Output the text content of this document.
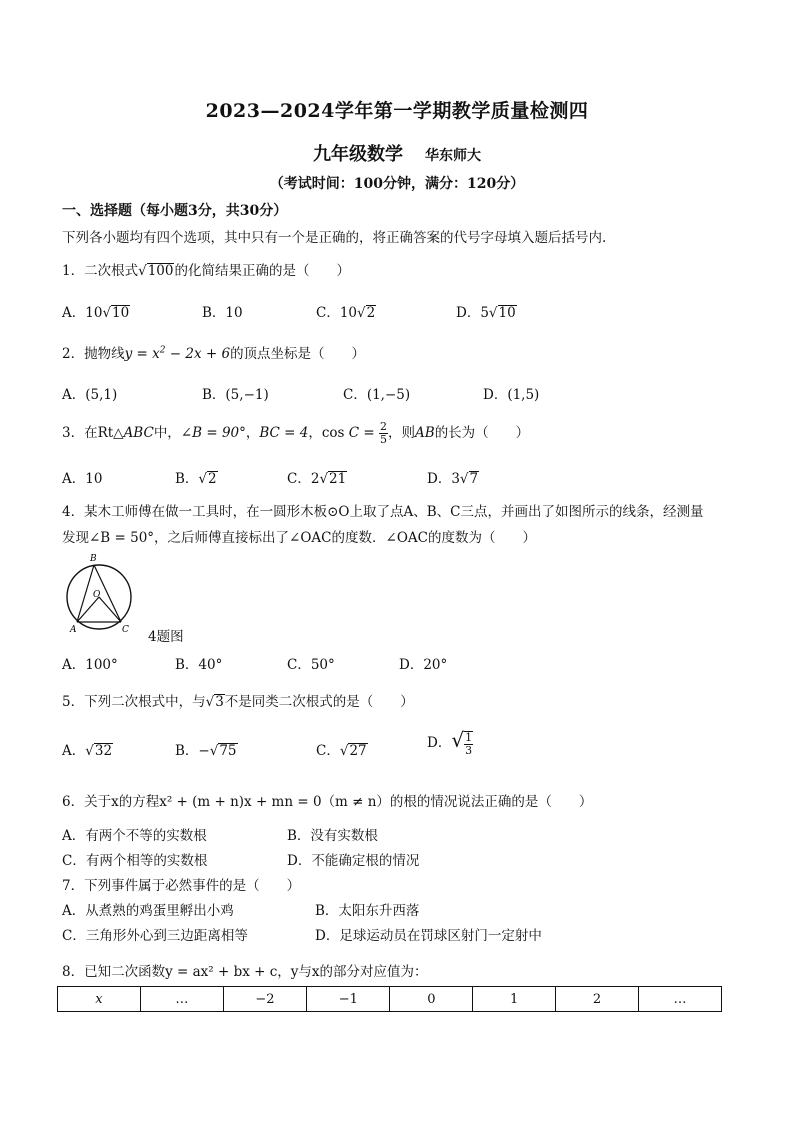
2023—2024学年第一学期教学质量检测四
九年级数学 华东师大
（考试时间：100分钟，满分：120分）
一、选择题（每小题3分，共30分）
下列各小题均有四个选项，其中只有一个是正确的，将正确答案的代号字母填入题后括号内.
1．二次根式√100的化简结果正确的是（　　）
A．10√10	B．10	C．10√2	D．5√10
2．抛物线$y = x^2 - 2x + 6$的顶点坐标是（　　）
A．(5,1)	B．(5,−1)	C．(1,−5)	D．(1,5)
3．在Rt△ABC中，∠B = 90°，BC = 4，$\cos C = \frac{2}{5}$ ，则AB的长为（　　）
A．10	B．√2	C．2√21	D．3√7
4．某木工师傅在做一工具时，在一圆形木板⊙O上取了点A、B、C三点，并画出了如图所示的线条，经测量
发现∠B = 50°，之后师傅直接标出了∠OAC的度数．∠OAC的度数为（　　）
B
O
A	C 4题图
A．100°	B．40°	C．50°	D．20°
5．下列二次根式中，与√3不是同类二次根式的是（　　）
A．√32	B．−√75	C．√27	D．√ $\frac{1}{3}$
6．关于x的方程x² + (m + n)x + mn = 0（m ≠ n）的根的情况说法正确的是（　　）
A．有两个不等的实数根	B．没有实数根
C．有两个相等的实数根	D．不能确定根的情况
7．下列事件属于必然事件的是（　　）
A．从煮熟的鸡蛋里孵出小鸡	B．太阳东升西落
C．三角形外心到三边距离相等	D．足球运动员在罚球区射门一定射中
8．已知二次函数y = ax² + bx + c，y与x的部分对应值为：
x	…	−2	−1	0	1	2	…
